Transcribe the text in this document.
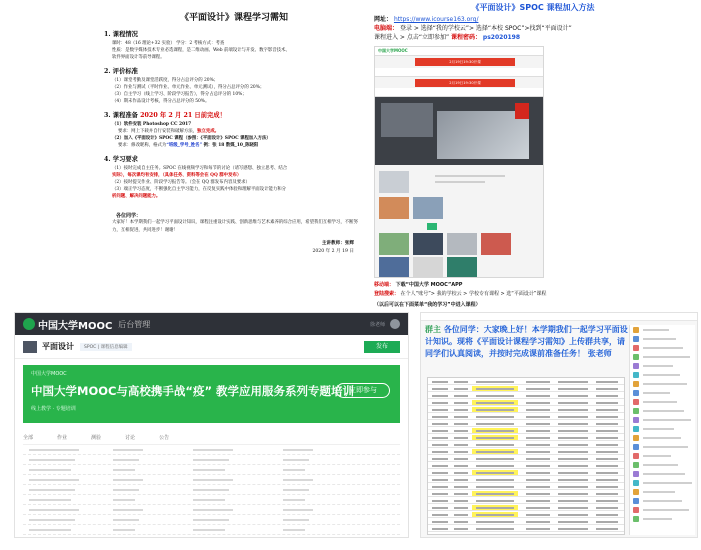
《平面设计》课程学习需知
1. 课程情况
课时：48（16 理论+32 实验） 学分：2 考核方式：考查
性质：是数字媒体技术专业必选课程，是二维动画、Web 前端设计与开发、数字影音技术、
软件界面设计等前导课程。
2. 评价标准
（1）课堂考勤及课堂活跃度，得分占总评分的 20%；
（2）作业与测试（平时作业、单元作业、单元测试），得分占总评分的 20%；
（3）自主学习（线上学习、阶段学习报告），得分占总评分的 10%；
（4）期末作品设计考核，得分占总评分的 50%。
3. 课程准备 2020 年 2 月 21 日前完成！
（1）软件安装 Photoshop CC 2017
要求：网上下载并自行安装和破解方法，独立完成。
（2）加入《平面设计》SPOC 课程（参照：《平面设计》SPOC 课程加入方法）
要求：修改昵称，格式为“班级_学号_姓名” 例：张 18 数媒_10_陈晓阳
4. 学习要求
（1）按时完成自主任务。SPOC 在线视频学习和每节的讨论（请写感想、独立思考、结合
实际），每次课均有安排，（具体任务、资料等会在 QQ 群中发布）
（2）按时提交作业、阶段学习报告等。（会在 QQ 群发布内容及要求）
（3）端正学习态度，不断强化自主学习能力，在反复实践中体验和理解平面设计能力和分
析问题、解决问题能力。
各位同学：
大家好！本学期我们一起学习平面设计知识，课程注重设计实践、创新思维与艺术素养的综合应用，希望我们互相学习，不断努力，互相促进，共同进步！谢谢！
主讲教师：张辉
2020 年 2 月 19 日
《平面设计》SPOC 课程加入方法
网址： https://www.icourse163.org/
电脑端： 登录 > 选择“我的学校云”> 选择“本校 SPOC”>找到“平面设计”
课程进入 > 点击“立即参加” 课程密码： ps2020198
中国大学MOOC
2月19日19:30开课
2月19日19:30开课
移动端： 下载“中国大学 MOOC”APP
登陆搜索： 在个人“账号”> 我的学校云 > 学校专有课程 > 选“平面设计”课程
（以后可以在下面菜单“我的学习”中进入课程）
中国大学MOOC 后台管理	徐老师
平面设计	SPOC | 课程信息编辑	发布
中国大学MOOC
中国大学MOOC与高校携手战“疫” 教学应用服务系列专题培训
线上教学 · 专题培训
立即参与
全部	作业	测验	讨论	公告
群主 各位同学：大家晚上好！本学期我们一起学习平面设计知识。现将《平面设计课程学习需知》上传群共享，请同学们认真阅读，并按时完成课前准备任务！ 张老师
